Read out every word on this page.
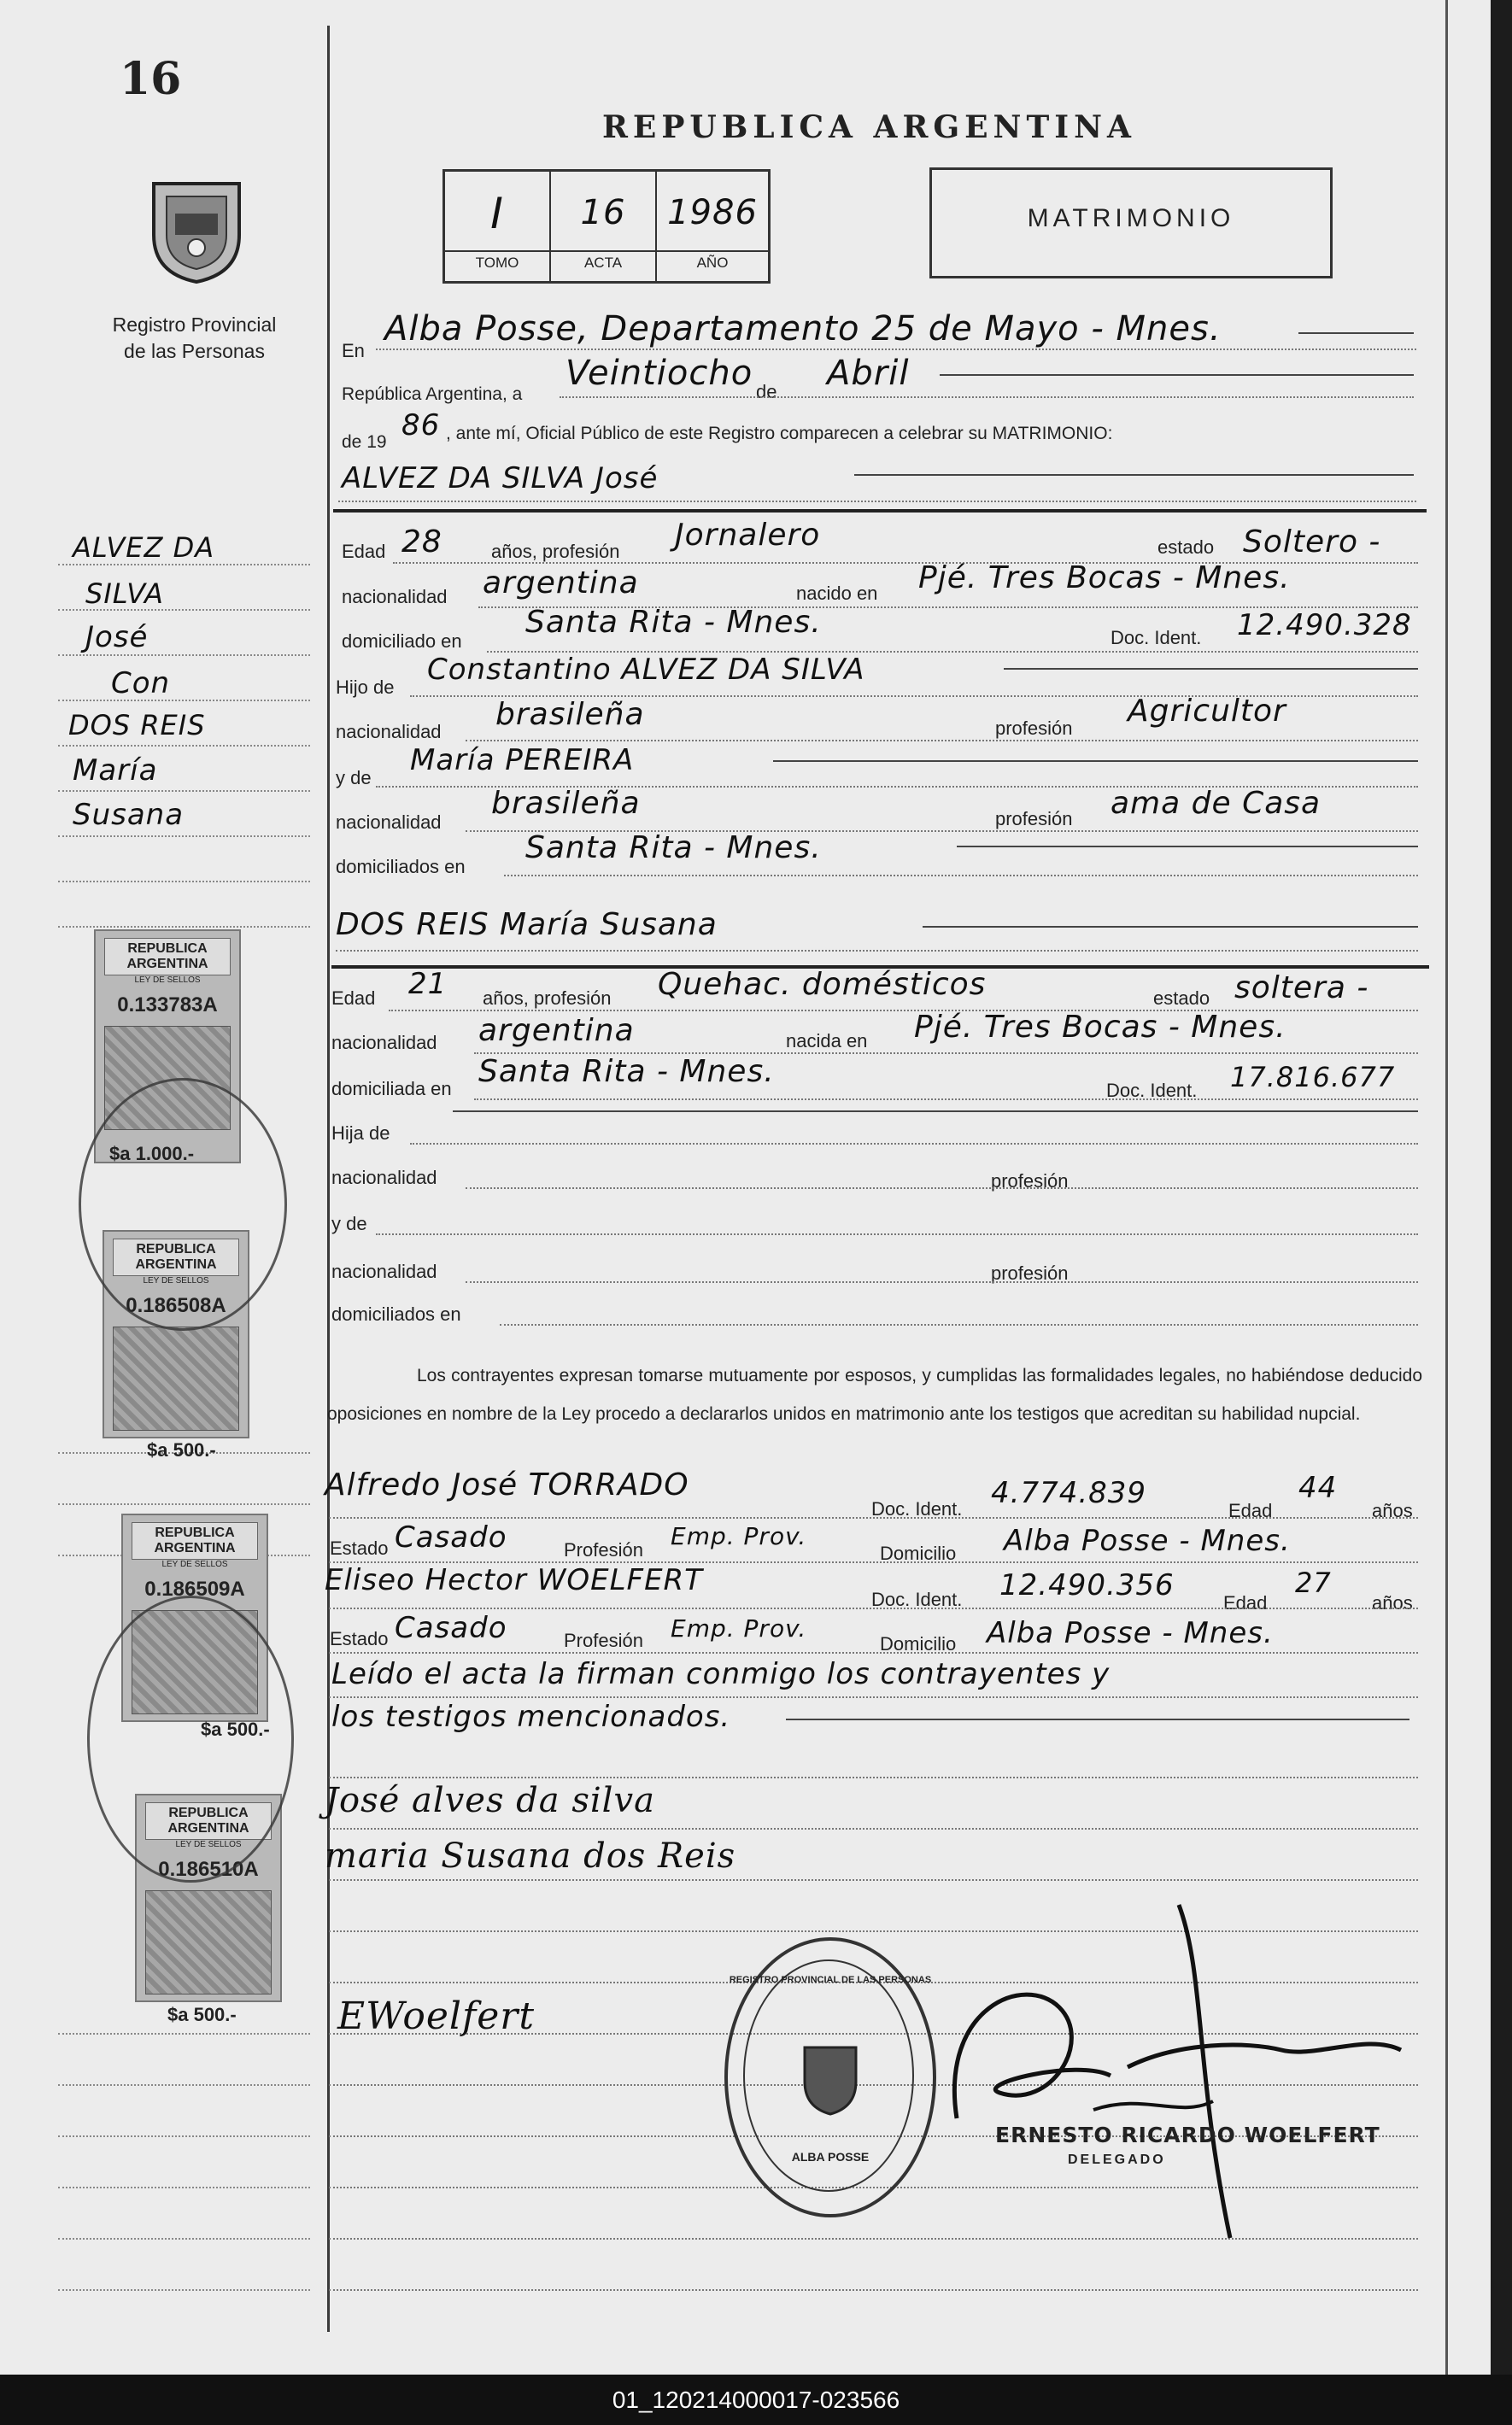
16
Registro Provincial
de las Personas
REPUBLICA ARGENTINA
I	16	1986
TOMO	ACTA	AÑO
MATRIMONIO
En
Alba Posse, Departamento 25 de Mayo - Mnes.
República Argentina, a
Veintiocho de Abril
de 19 86 , ante mí, Oficial Público de este Registro comparecen a celebrar su MATRIMONIO:
ALVEZ DA SILVA José
Edad 28	años, profesión Jornalero	estado Soltero -
nacionalidad argentina	nacido en Pjé. Tres Bocas - Mnes.
domiciliado en
Santa Rita - Mnes.	Doc. Ident. 12.490.328
Hijo de
Constantino ALVEZ DA SILVA
nacionalidad brasileña	profesión Agricultor
y de
María PEREIRA
nacionalidad
brasileña	profesión ama de Casa
domiciliados en
Santa Rita - Mnes.
DOS REIS María Susana
Edad 21 años, profesión Quehac. domésticos	estado soltera -
nacionalidad argentina	nacida en Pjé. Tres Bocas - Mnes.
domiciliada en Santa Rita - Mnes.
Doc. Ident. 17.816.677
Hija de
nacionalidad	profesión
y de
nacionalidad	profesión
domiciliados en
Los contrayentes expresan tomarse mutuamente por esposos, y cumplidas las formalidades legales, no habiéndose deducido oposiciones en nombre de la Ley procedo a declararlos unidos en matrimonio ante los testigos que acreditan su habilidad nupcial.
Alfredo José TORRADO
Doc. Ident. 4.774.839
Edad
44
años
Estado Casado	Profesión Emp. Prov.
Domicilio Alba Posse - Mnes.
Eliseo Hector WOELFERT
Doc. Ident. 12.490.356
Edad
27
años
Estado Casado	Profesión Emp. Prov.
Domicilio Alba Posse - Mnes.
Leído el acta la firman conmigo los contrayentes y
los testigos mencionados.
José alves da silva
maria Susana dos Reis
EWoelfert
ERNESTO RICARDO WOELFERT
DELEGADO
REGISTRO PROVINCIAL DE LAS PERSONAS
ALBA POSSE
ALVEZ DA
SILVA
José
Con
DOS REIS
María
Susana
REPUBLICA ARGENTINA
LEY DE SELLOS
0.133783A
$a 1.000.-
REPUBLICA ARGENTINA
LEY DE SELLOS
0.186508A
$a 500.-
REPUBLICA ARGENTINA
LEY DE SELLOS
0.186509A
$a 500.-
REPUBLICA ARGENTINA
LEY DE SELLOS
0.186510A
$a 500.-
01_120214000017-023566
